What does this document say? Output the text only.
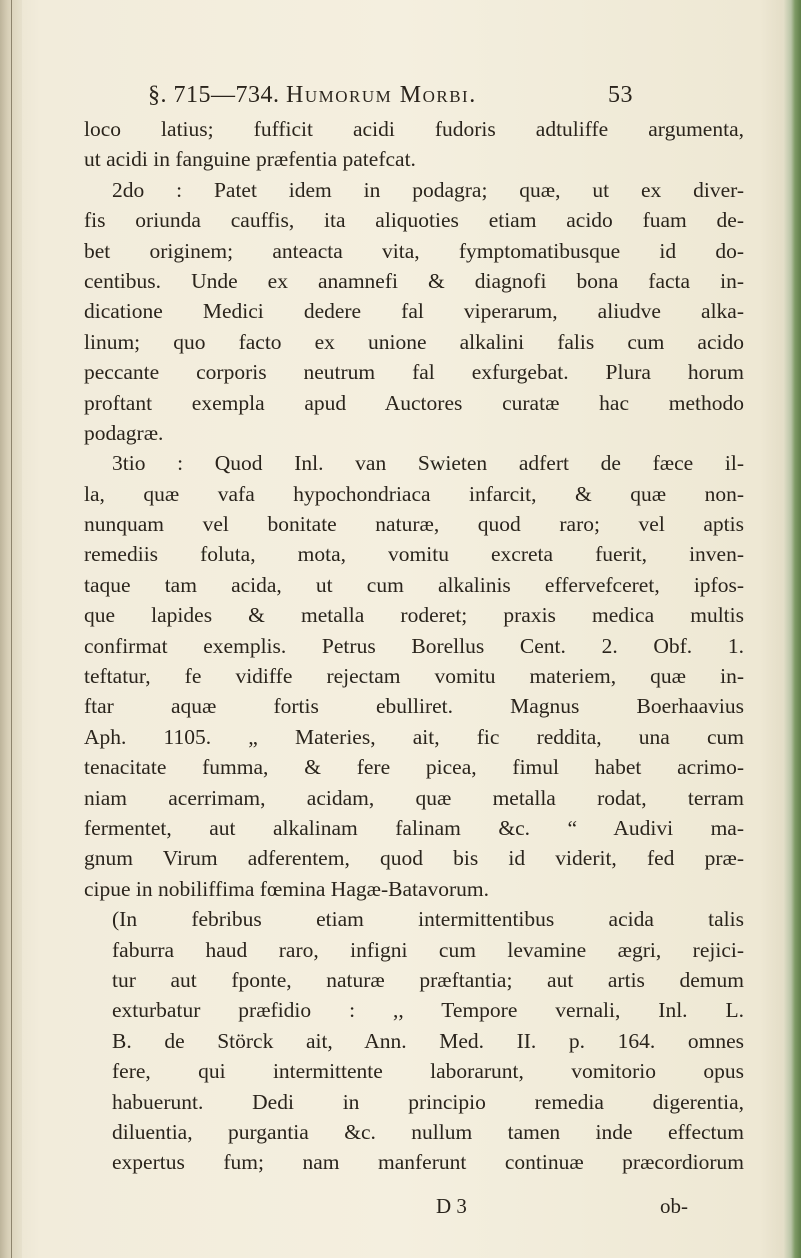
§. 715—734. Humorum Morbi.	53
loco latius; fufficit acidi fudoris adtuliffe argumenta,
ut acidi in fanguine præfentia patefcat.
2do : Patet idem in podagra; quæ, ut ex diver-
fis oriunda cauffis, ita aliquoties etiam acido fuam de-
bet originem; anteacta vita, fymptomatibusque id do-
centibus. Unde ex anamnefi & diagnofi bona facta in-
dicatione Medici dedere fal viperarum, aliudve alka-
linum; quo facto ex unione alkalini falis cum acido
peccante corporis neutrum fal exfurgebat. Plura horum
proftant exempla apud Auctores curatæ hac methodo
podagræ.
3tio : Quod Inl. van Swieten adfert de fæce il-
la, quæ vafa hypochondriaca infarcit, & quæ non-
nunquam vel bonitate naturæ, quod raro; vel aptis
remediis foluta, mota, vomitu excreta fuerit, inven-
taque tam acida, ut cum alkalinis effervefceret, ipfos-
que lapides & metalla roderet; praxis medica multis
confirmat exemplis. Petrus Borellus Cent. 2. Obf. 1.
teftatur, fe vidiffe rejectam vomitu materiem, quæ in-
ftar aquæ fortis ebulliret. Magnus Boerhaavius
Aph. 1105. „ Materies, ait, fic reddita, una cum
tenacitate fumma, & fere picea, fimul habet acrimo-
niam acerrimam, acidam, quæ metalla rodat, terram
fermentet, aut alkalinam falinam &c. “ Audivi ma-
gnum Virum adferentem, quod bis id viderit, fed præ-
cipue in nobiliffima fœmina Hagæ-Batavorum.
(In febribus etiam intermittentibus acida talis
faburra haud raro, infigni cum levamine ægri, rejici-
tur aut fponte, naturæ præftantia; aut artis demum
exturbatur præfidio : ,, Tempore vernali, Inl. L.
B. de Störck ait, Ann. Med. II. p. 164. omnes
fere, qui intermittente laborarunt, vomitorio opus
habuerunt. Dedi in principio remedia digerentia,
diluentia, purgantia &c. nullum tamen inde effectum
expertus fum; nam manferunt continuæ præcordiorum
D 3	ob-
